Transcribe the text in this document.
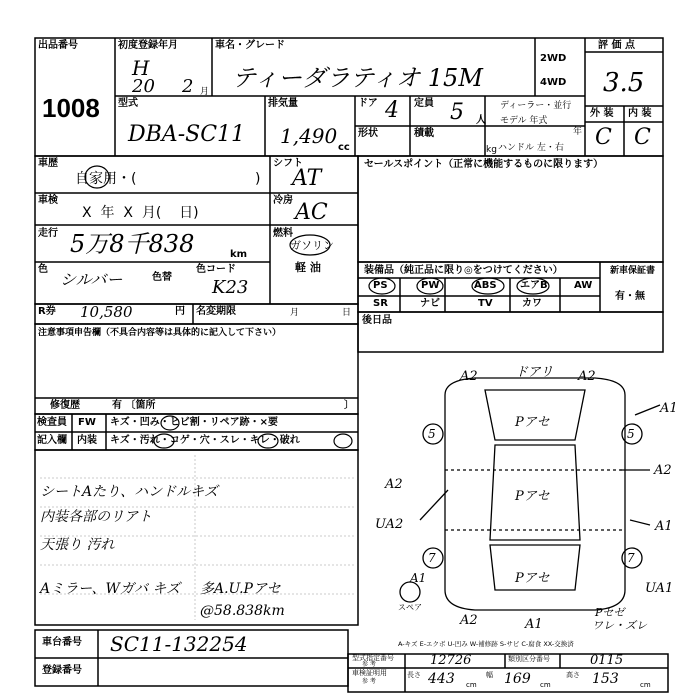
出品番号
1008
初度登録年月
H
20 2 月
車名・グレード
ティーダラティオ 15M
2WD
4WD
評 価 点
3.5
型式
DBA-SC11
排気量
1,490 cc
ドア 4 定員 5 人
ディーラー・並行
モデル 年式
年
形状	積載
kg ハンドル 左・右
外 装 内 装
C C
車歴
自家用・(	)
車検
X  年  X  月(    日)
走行 5万8千838	km
色
シルバー	色替
色コード
K23
シフト
AT
冷房 AC
燃料
ガソリン
軽 油
R券 10,580	円 名変期限	月	日
注意事項申告欄（不具合内容等は具体的に記入して下さい）
修復歴	有 〔箇所	〕
検査員 FW キズ・凹み・ヒビ割・リペア跡・×要
記入欄 内装 キズ・汚れ・コゲ・穴・スレ・キレ・破れ
シートAたり、ハンドルキズ
内装各部のリアト
天張り 汚れ
Aミラー、Wガバ キズ 多A.U.Pアセ
@58.838km
セールスポイント（正常に機能するものに限ります）
装備品（純正品に限り◎をつけてください）
PS	PW	ABS エアB	AW
SR	ナビ	TV	カワ
新車保証書
有・無
後日品
A2	ドアリ A2
A1
Pアセ
5	5
A2
A2
Pアセ
UA2	A1
7	7
A1
UA1
Pアセ
スペア
A2	A1
Pセゼ
ワレ・ズレ
A-キズ E-エクボ U-凹み W-補修跡 S-サビ C-腐食 XX-交換済
車台番号 SC11-132254
登録番号
型式指定番号
参 考	12726	類別区分番号	0115
車検証明用
参 考
長さ 443 cm
幅 169 cm
高さ 153	cm
